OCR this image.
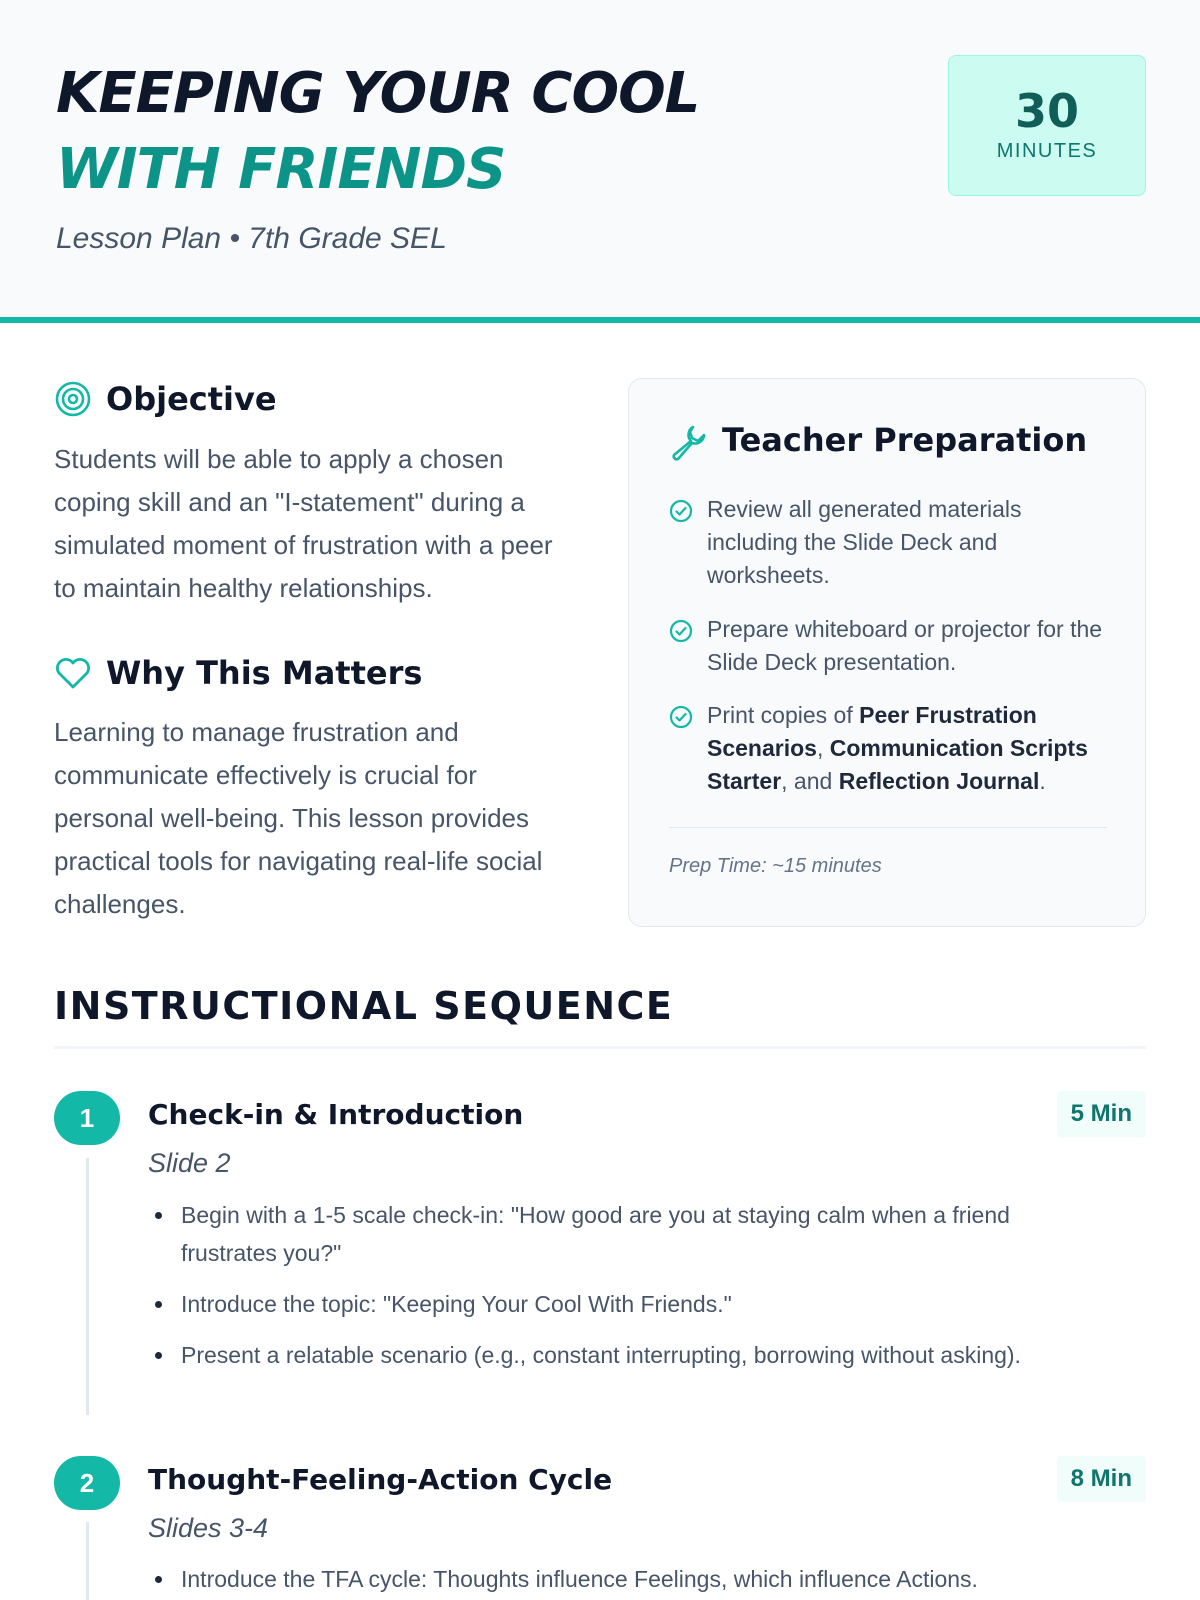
KEEPING YOUR COOL
WITH FRIENDS
Lesson Plan • 7th Grade SEL
30
MINUTES
Objective

Students will be able to apply a chosen coping skill and an "I-statement" during a simulated moment of frustration with a peer to maintain healthy relationships.

Why This Matters

Learning to manage frustration and communicate effectively is crucial for personal well-being. This lesson provides practical tools for navigating real-life social challenges.

Teacher Preparation
Review all generated materials including the Slide Deck and worksheets.
Prepare whiteboard or projector for the Slide Deck presentation.
Print copies of Peer Frustration Scenarios, Communication Scripts Starter, and Reflection Journal.
Prep Time: ~15 minutes
INSTRUCTIONAL SEQUENCE
1	Check-in & Introduction	5 Min
Slide 2
Begin with a 1-5 scale check-in: "How good are you at staying calm when a friend frustrates you?"
Introduce the topic: "Keeping Your Cool With Friends."
Present a relatable scenario (e.g., constant interrupting, borrowing without asking).
2	Thought-Feeling-Action Cycle	8 Min
Slides 3-4
Introduce the TFA cycle: Thoughts influence Feelings, which influence Actions.
